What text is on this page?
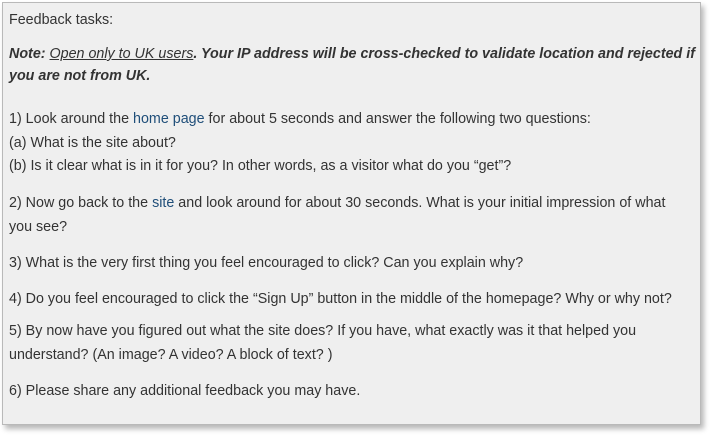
Feedback tasks:
Note: Open only to UK users. Your IP address will be cross-checked to validate location and rejected if
you are not from UK.
1) Look around the home page for about 5 seconds and answer the following two questions:
(a) What is the site about?
(b) Is it clear what is in it for you? In other words, as a visitor what do you “get”?
2) Now go back to the site and look around for about 30 seconds. What is your initial impression of what
you see?
3) What is the very first thing you feel encouraged to click? Can you explain why?
4) Do you feel encouraged to click the “Sign Up” button in the middle of the homepage? Why or why not?
5) By now have you figured out what the site does? If you have, what exactly was it that helped you
understand? (An image? A video? A block of text? )
6) Please share any additional feedback you may have.
